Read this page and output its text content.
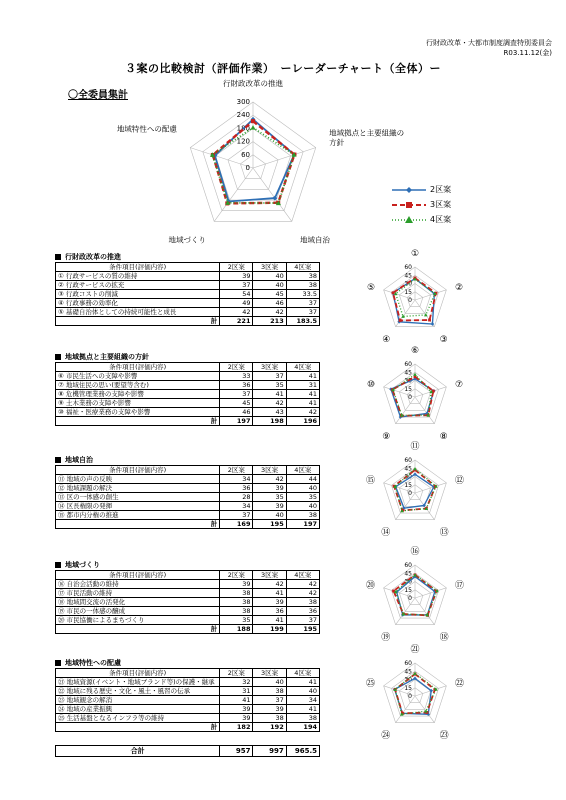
行財政改革・大都市制度調査特別委員会
R03.11.12(金)
３案の比較検討（評価作業）　ーレーダーチャート（全体）ー
〇全委員集計
0
60
120
180
240
300
行財政改革の推進
地域拠点と主要組織の方針
地域自治
地域づくり
地域特性への配慮
2区案
3区案
4区案
行財政改革の推進
条件項目(評価内容)	2区案	3区案	4区案
① 行政サービスの質の維持	39	40	38
② 行政サービスの拡充	37	40	38
③ 行政コストの削減	54	45	33.5
④ 行政事務の効率化	49	46	37
⑤ 基礎自治体としての持続可能性と成長	42	42	37
計	221	213	183.5
地域拠点と主要組織の方針
条件項目(評価内容)	2区案	3区案	4区案
⑥ 市民生活への支障や影響	33	37	41
⑦ 地域住民の思い(要望等含む)	36	35	31
⑧ 危機管理業務の支障や影響	37	41	41
⑨ 土木業務の支障や影響	45	42	41
⑩ 福祉・医療業務の支障や影響	46	43	42
計	197	198	196
地域自治
条件項目(評価内容)	2区案	3区案	4区案
⑪ 地域の声の反映	34	42	44
⑫ 地域課題の解決	36	39	40
⑬ 区の一体感の創生	28	35	35
⑭ 区長権限の発揮	34	39	40
⑮ 都市内分権の推進	37	40	38
計	169	195	197
地域づくり
条件項目(評価内容)	2区案	3区案	4区案
⑯ 自治会活動の維持	39	42	42
⑰ 市民活動の維持	38	41	42
⑱ 地域間交流の活発化	38	39	38
⑲ 市民の一体感の醸成	38	36	36
⑳ 市民協働によるまちづくり	35	41	37
計	188	199	195
地域特性への配慮
条件項目(評価内容)	2区案	3区案	4区案
㉑ 地域資源(イベント・地域ブランド等)の保護・継承	32	40	41
㉒ 地域に残る歴史・文化・風土・風習の伝承	31	38	40
㉓ 地域観念の解消	41	37	34
㉔ 地域の産業振興	39	39	41
㉕ 生活基盤となるインフラ等の維持	39	38	38
計	182	192	194
0
15
30
45
60
①
②
③
④
⑤
0
15
30
45
60
⑥
⑦
⑧
⑨
⑩
0
15
30
45
60
⑪
⑫
⑬
⑭
⑮
0
15
30
45
60
⑯
⑰
⑱
⑲
⑳
0
15
30
45
60
㉑
㉒
㉓
㉔
㉕
合計	957	997	965.5
